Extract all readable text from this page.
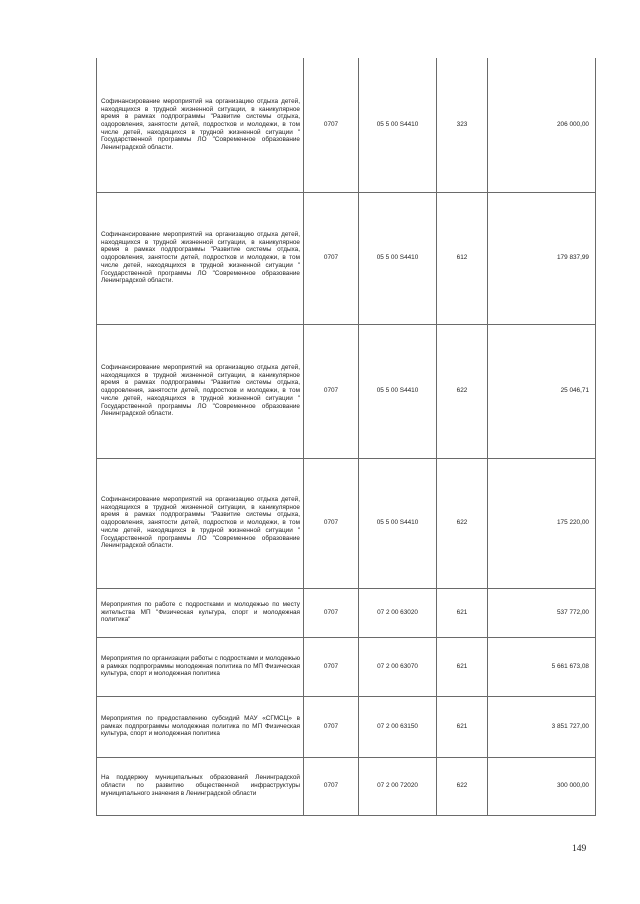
Софинансирование мероприятий на организацию отдыха детей, находящихся в трудной жизненной ситуации, в каникулярное время в рамках подпрограммы "Развитие системы отдыха, оздоровления, занятости детей, подростков и молодежи, в том числе детей, находящихся в трудной жизненной ситуации " Государственной программы ЛО "Современное образование Ленинградской области.	0707	05 5 00 S4410	323	206 000,00

Софинансирование мероприятий на организацию отдыха детей, находящихся в трудной жизненной ситуации, в каникулярное время в рамках подпрограммы "Развитие системы отдыха, оздоровления, занятости детей, подростков и молодежи, в том числе детей, находящихся в трудной жизненной ситуации " Государственной программы ЛО "Современное образование Ленинградской области.	0707	05 5 00 S4410	612	179 837,99

Софинансирование мероприятий на организацию отдыха детей, находящихся в трудной жизненной ситуации, в каникулярное время в рамках подпрограммы "Развитие системы отдыха, оздоровления, занятости детей, подростков и молодежи, в том числе детей, находящихся в трудной жизненной ситуации " Государственной программы ЛО "Современное образование Ленинградской области.	0707	05 5 00 S4410	622	25 046,71

Софинансирование мероприятий на организацию отдыха детей, находящихся в трудной жизненной ситуации, в каникулярное время в рамках подпрограммы "Развитие системы отдыха, оздоровления, занятости детей, подростков и молодежи, в том числе детей, находящихся в трудной жизненной ситуации " Государственной программы ЛО "Современное образование Ленинградской области.	0707	05 5 00 S4410	622	175 220,00

Мероприятия по работе с подростками и молодежью по месту жительства МП "Физическая культура, спорт и молодежная политика"	0707	07 2 00 63020	621	537 772,00

Мероприятия по организации работы с подростками и молодежью в рамках подпрограммы молодежная политика по МП Физическая культура, спорт и молодежная политика	0707	07 2 00 63070	621	5 661 673,08

Мероприятия по предоставлению субсидий МАУ «СГМСЦ» в рамках подпрограммы молодежная политика по МП Физическая культура, спорт и молодежная политика	0707	07 2 00 63150	621	3 851 727,00

На поддержку муниципальных образований Ленинградской области по развитию общественной инфраструктуры муниципального значения в Ленинградской области	0707	07 2 00 72020	622	300 000,00
149
